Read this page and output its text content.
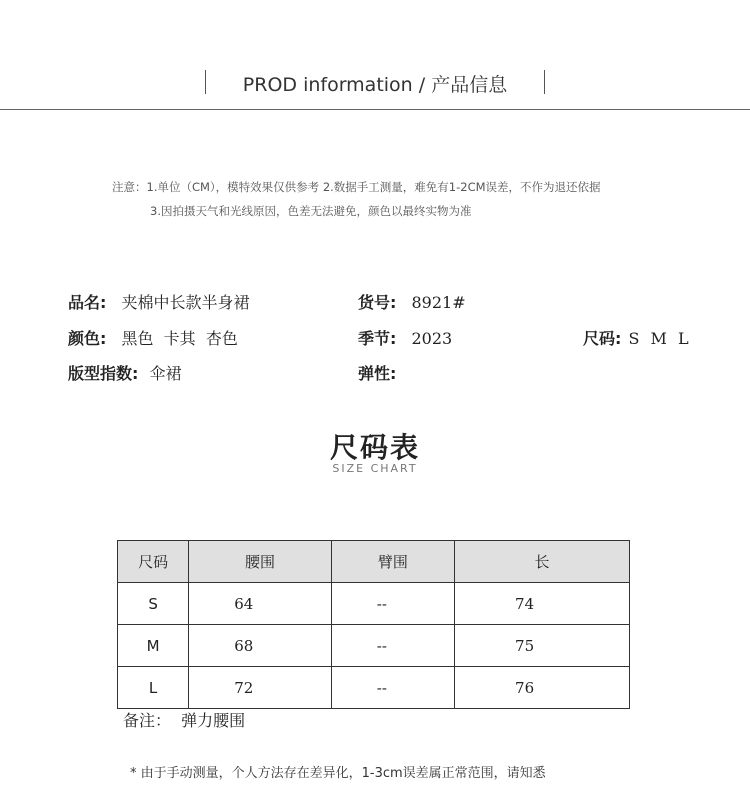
PROD information / 产品信息
注意：1.单位（CM），模特效果仅供参考 2.数据手工测量，难免有1-2CM误差，不作为退还依据
3.因拍摄天气和光线原因，色差无法避免，颜色以最终实物为准
品名: 夹棉中长款半身裙	货号: 8921#
颜色: 黑色  卡其  杏色	季节: 2023	尺码: S M L
版型指数: 伞裙	弹性:
尺码表
SIZE CHART
尺码	腰围	臂围	长
S	64	--	74
M	68	--	75
L	72	--	76
备注：  弹力腰围
* 由于手动测量，个人方法存在差异化，1-3cm误差属正常范围，请知悉
